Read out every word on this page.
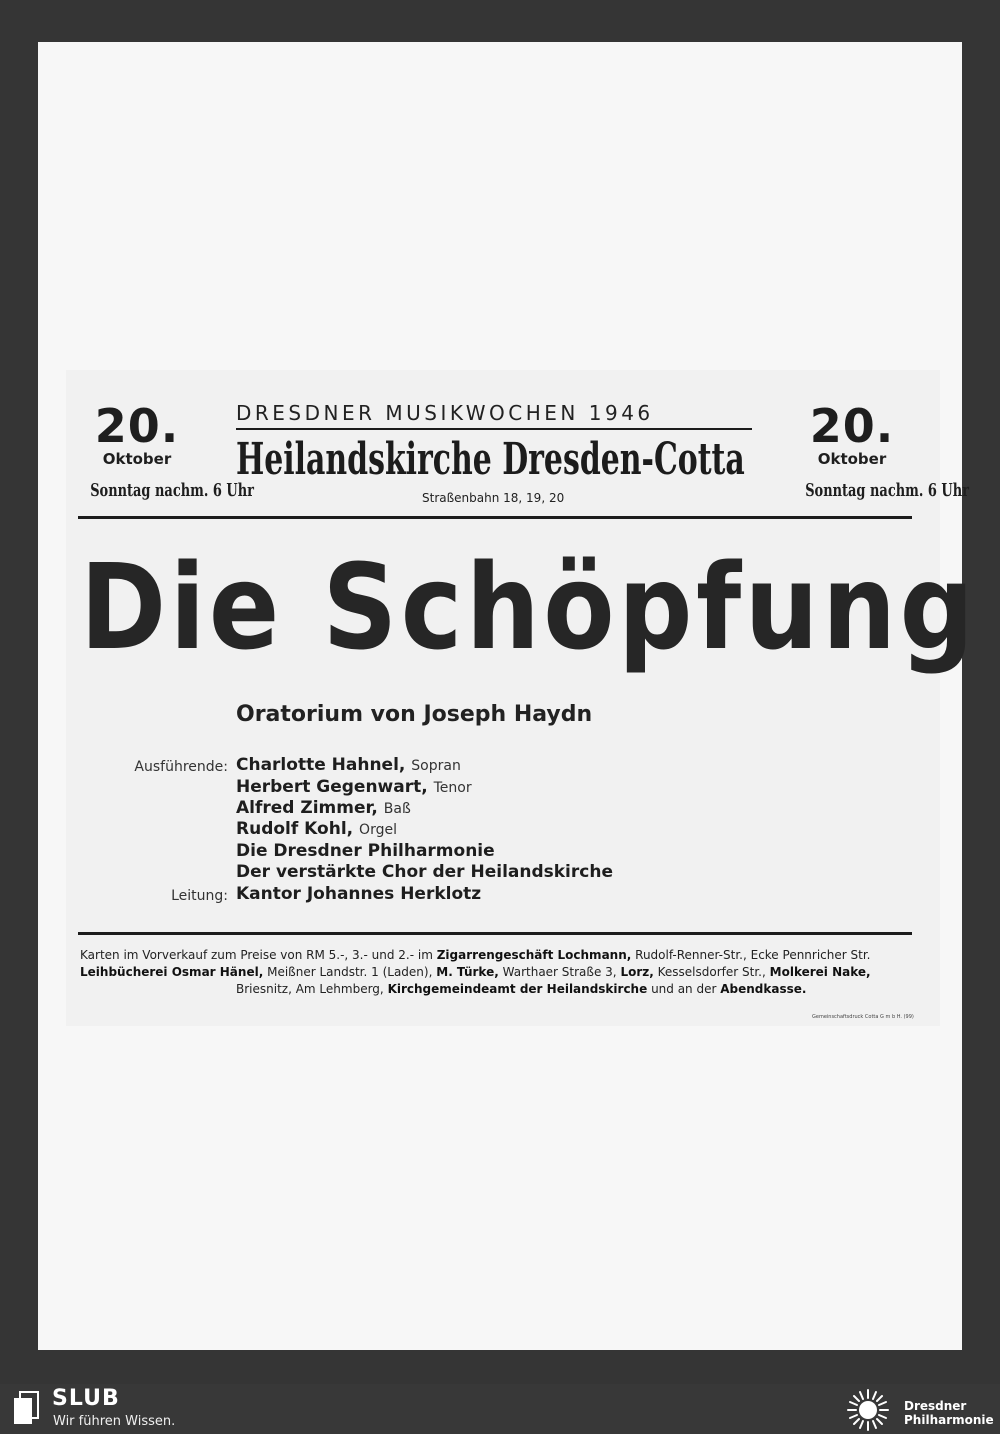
20.
Oktober
Sonntag nachm. 6 Uhr
20.
Oktober
Sonntag nachm. 6 Uhr
DRESDNER MUSIKWOCHEN 1946
Heilandskirche Dresden-Cotta
Straßenbahn 18, 19, 20
Die Schöpfung
Oratorium von Joseph Haydn
Ausführende: Charlotte Hahnel, Sopran
Herbert Gegenwart, Tenor
Alfred Zimmer, Baß
Rudolf Kohl, Orgel
Die Dresdner Philharmonie
Der verstärkte Chor der Heilandskirche
Leitung: Kantor Johannes Herklotz
Karten im Vorverkauf zum Preise von RM 5.-, 3.- und 2.- im Zigarrengeschäft Lochmann, Rudolf-Renner-Str., Ecke Pennricher Str.
Leihbücherei Osmar Hänel, Meißner Landstr. 1 (Laden), M. Türke, Warthaer Straße 3, Lorz, Kesselsdorfer Str., Molkerei Nake,
Briesnitz, Am Lehmberg, Kirchgemeindeamt der Heilandskirche und an der Abendkasse.
Gemeinschaftsdruck Cotta G m b H. (99)
SLUB
Wir führen Wissen.
Dresdner
Philharmonie
